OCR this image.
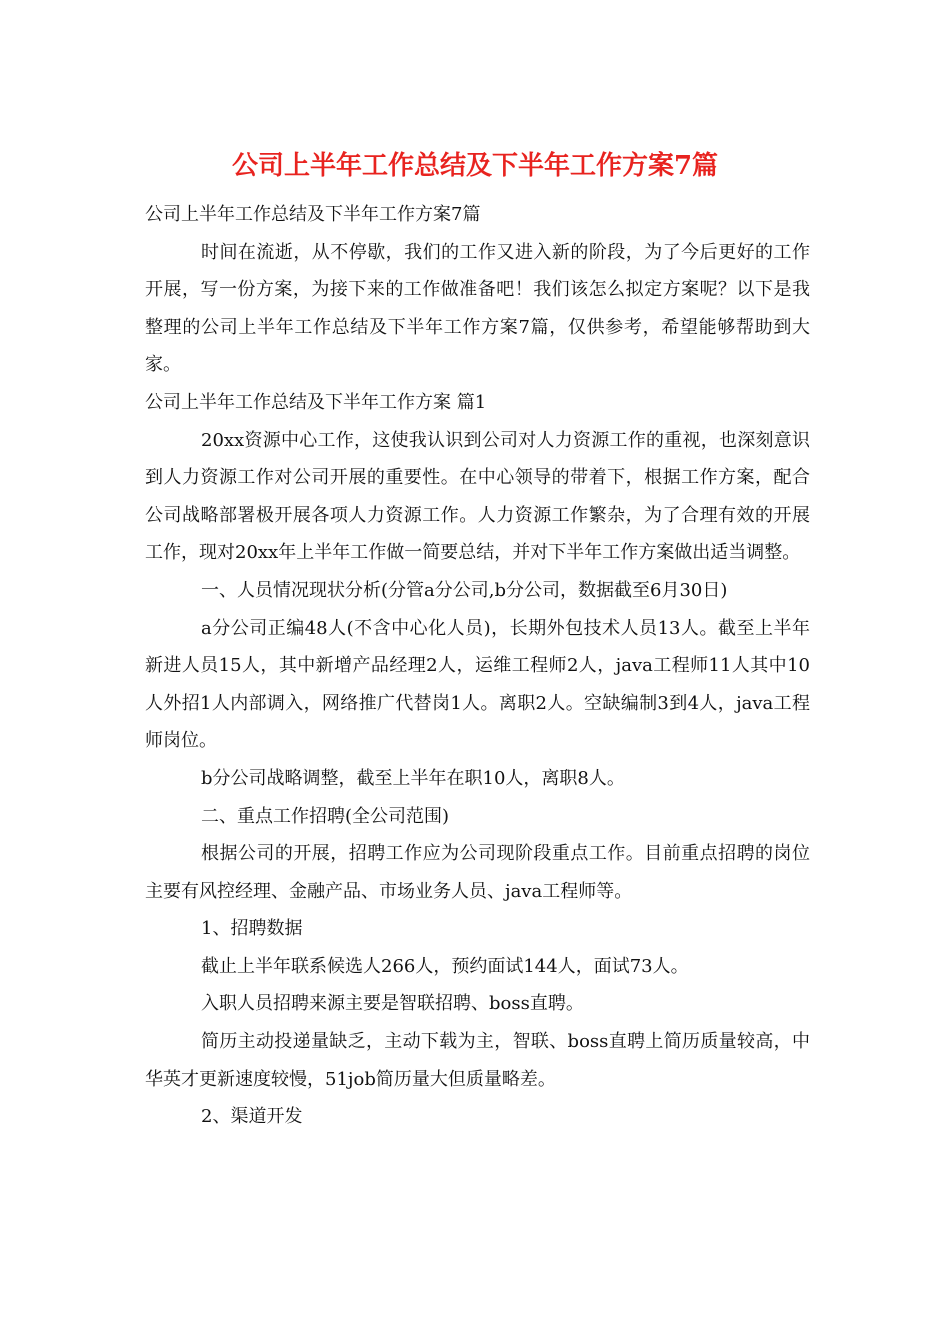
公司上半年工作总结及下半年工作方案7篇
公司上半年工作总结及下半年工作方案7篇
时间在流逝，从不停歇，我们的工作又进入新的阶段，为了今后更好的工作开展，写一份方案，为接下来的工作做准备吧！我们该怎么拟定方案呢？以下是我整理的公司上半年工作总结及下半年工作方案7篇，仅供参考，希望能够帮助到大家。
公司上半年工作总结及下半年工作方案 篇1
20xx资源中心工作，这使我认识到公司对人力资源工作的重视，也深刻意识到人力资源工作对公司开展的重要性。在中心领导的带着下，根据工作方案，配合公司战略部署极开展各项人力资源工作。人力资源工作繁杂，为了合理有效的开展工作，现对20xx年上半年工作做一简要总结，并对下半年工作方案做出适当调整。
一、人员情况现状分析(分管a分公司,b分公司，数据截至6月30日)
a分公司正编48人(不含中心化人员)，长期外包技术人员13人。截至上半年新进人员15人，其中新增产品经理2人，运维工程师2人，java工程师11人其中10人外招1人内部调入，网络推广代替岗1人。离职2人。空缺编制3到4人，java工程师岗位。
b分公司战略调整，截至上半年在职10人，离职8人。
二、重点工作招聘(全公司范围)
根据公司的开展，招聘工作应为公司现阶段重点工作。目前重点招聘的岗位主要有风控经理、金融产品、市场业务人员、java工程师等。
1、招聘数据
截止上半年联系候选人266人，预约面试144人，面试73人。
入职人员招聘来源主要是智联招聘、boss直聘。
简历主动投递量缺乏，主动下载为主，智联、boss直聘上简历质量较高，中华英才更新速度较慢，51job简历量大但质量略差。
2、渠道开发
